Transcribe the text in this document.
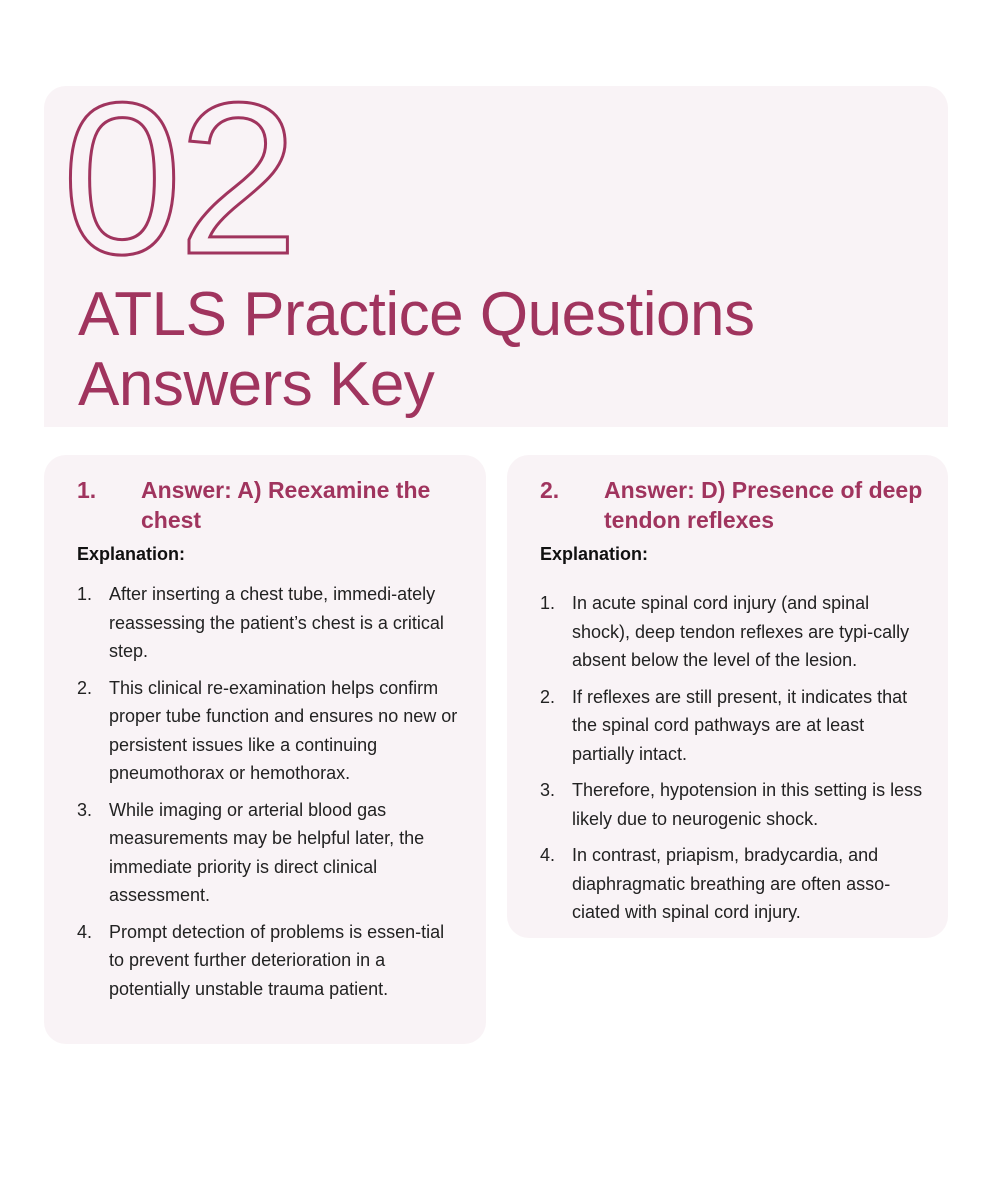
02
ATLS Practice Questions
Answers Key
1.	Answer: A) Reexamine the chest
Explanation:
1. After inserting a chest tube, immedi-ately reassessing the patient’s chest is a critical step.
2. This clinical re-examination helps confirm proper tube function and ensures no new or persistent issues like a continuing pneumothorax or hemothorax.
3. While imaging or arterial blood gas measurements may be helpful later, the immediate priority is direct clinical assessment.
4. Prompt detection of problems is essen-tial to prevent further deterioration in a potentially unstable trauma patient.
2.	Answer: D) Presence of deep tendon reflexes
Explanation:
1. In acute spinal cord injury (and spinal shock), deep tendon reflexes are typi-cally absent below the level of the lesion.
2. If reflexes are still present, it indicates that the spinal cord pathways are at least partially intact.
3. Therefore, hypotension in this setting is less likely due to neurogenic shock.
4. In contrast, priapism, bradycardia, and diaphragmatic breathing are often asso-ciated with spinal cord injury.
